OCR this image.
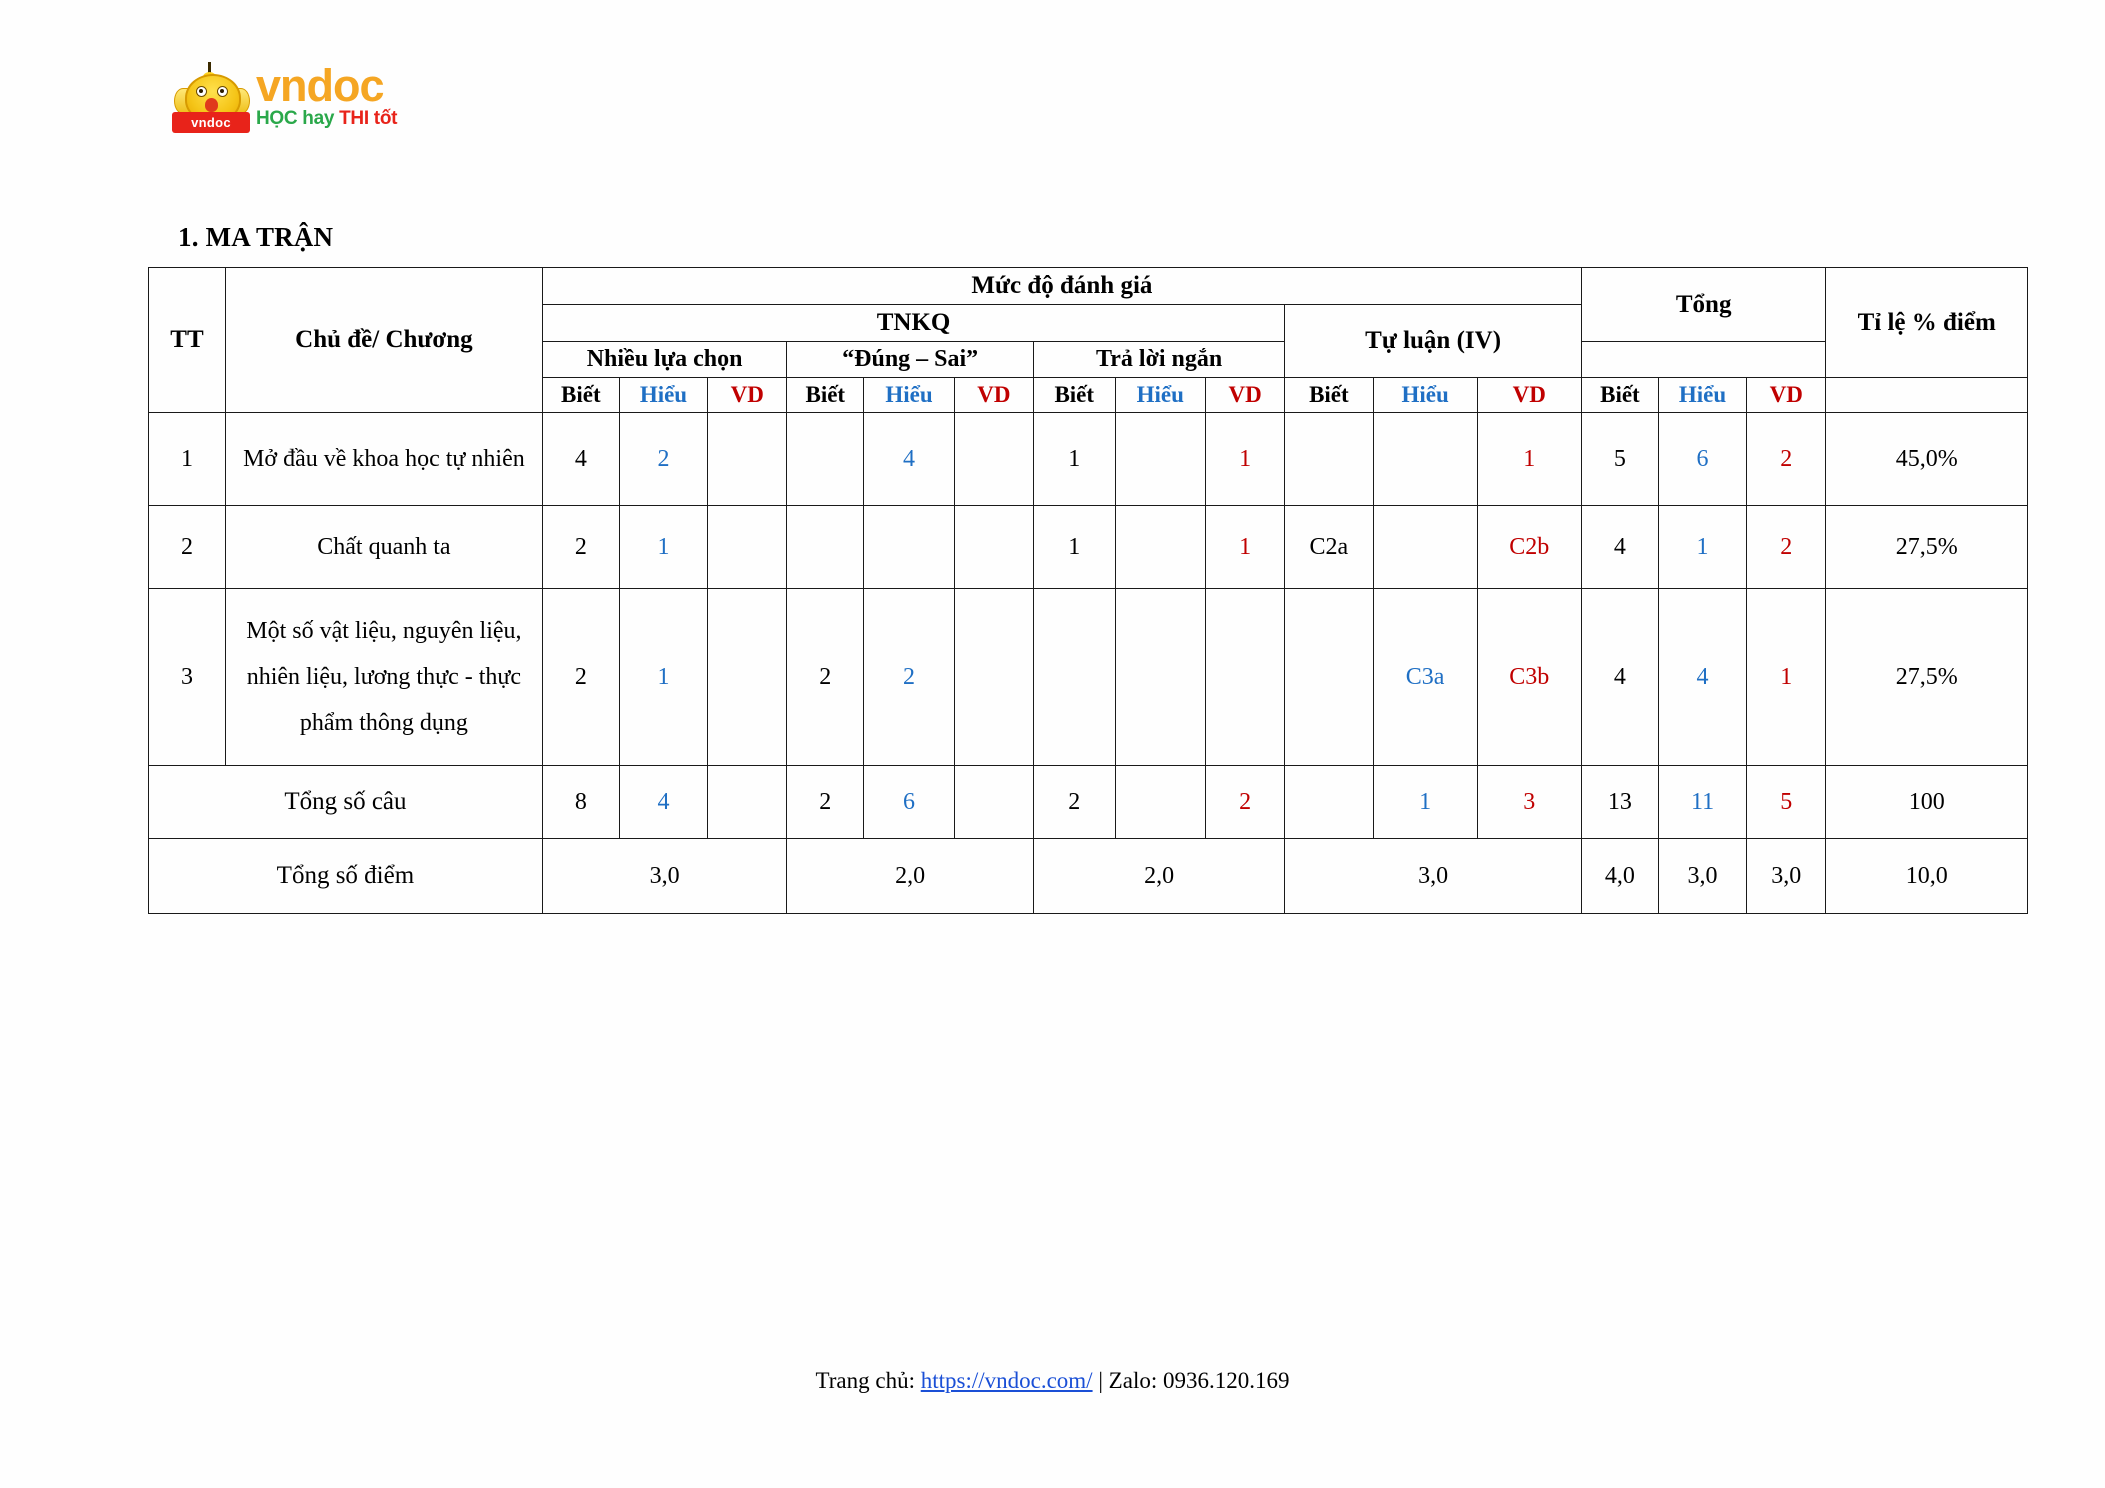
vndoc
vndoc
HỌC hay THI tốt
1. MA TRẬN
TT	Chủ đề/ Chương	Mức độ đánh giá												Tổng			Tỉ lệ % điểm
		TNKQ									Tự luận (IV)						
		Nhiều lựa chọn			“Đúng – Sai”			Trả lời ngắn									
		Biết	Hiểu	VD	Biết	Hiểu	VD	Biết	Hiểu	VD	Biết	Hiểu	VD	Biết	Hiểu	VD	
1	Mở đầu về khoa học tự nhiên	4	2			4		1		1			1	5	6	2	45,0%
2	Chất quanh ta	2	1					1		1	C2a		C2b	4	1	2	27,5%
3	Một số vật liệu, nguyên liệu, nhiên liệu, lương thực - thực phẩm thông dụng	2	1		2	2						C3a	C3b	4	4	1	27,5%
Tổng số câu		8	4		2	6		2		2		1	3	13	11	5	100
Tổng số điểm		3,0			2,0			2,0			3,0			4,0	3,0	3,0	10,0
Trang chủ: https://vndoc.com/ | Zalo: 0936.120.169
